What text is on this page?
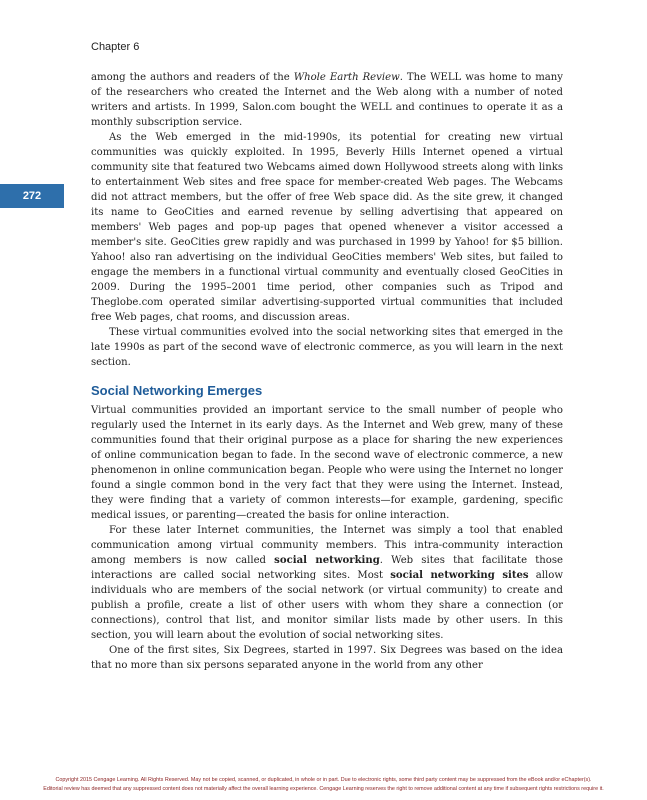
Chapter 6
272

among the authors and readers of the Whole Earth Review. The WELL was home to many of the researchers who created the Internet and the Web along with a number of noted writers and artists. In 1999, Salon.com bought the WELL and continues to operate it as a monthly subscription service.

As the Web emerged in the mid-1990s, its potential for creating new virtual communities was quickly exploited. In 1995, Beverly Hills Internet opened a virtual community site that featured two Webcams aimed down Hollywood streets along with links to entertainment Web sites and free space for member-created Web pages. The Webcams did not attract members, but the offer of free Web space did. As the site grew, it changed its name to GeoCities and earned revenue by selling advertising that appeared on members' Web pages and pop-up pages that opened whenever a visitor accessed a member's site. GeoCities grew rapidly and was purchased in 1999 by Yahoo! for $5 billion. Yahoo! also ran advertising on the individual GeoCities members' Web sites, but failed to engage the members in a functional virtual community and eventually closed GeoCities in 2009. During the 1995–2001 time period, other companies such as Tripod and Theglobe.com operated similar advertising-supported virtual communities that included free Web pages, chat rooms, and discussion areas.

These virtual communities evolved into the social networking sites that emerged in the late 1990s as part of the second wave of electronic commerce, as you will learn in the next section.

Social Networking Emerges

Virtual communities provided an important service to the small number of people who regularly used the Internet in its early days. As the Internet and Web grew, many of these communities found that their original purpose as a place for sharing the new experiences of online communication began to fade. In the second wave of electronic commerce, a new phenomenon in online communication began. People who were using the Internet no longer found a single common bond in the very fact that they were using the Internet. Instead, they were finding that a variety of common interests—for example, gardening, specific medical issues, or parenting—created the basis for online interaction.

For these later Internet communities, the Internet was simply a tool that enabled communication among virtual community members. This intra-community interaction among members is now called social networking. Web sites that facilitate those interactions are called social networking sites. Most social networking sites allow individuals who are members of the social network (or virtual community) to create and publish a profile, create a list of other users with whom they share a connection (or connections), control that list, and monitor similar lists made by other users. In this section, you will learn about the evolution of social networking sites.

One of the first sites, Six Degrees, started in 1997. Six Degrees was based on the idea that no more than six persons separated anyone in the world from any other

Copyright 2015 Cengage Learning. All Rights Reserved. May not be copied, scanned, or duplicated, in whole or in part. Due to electronic rights, some third party content may be suppressed from the eBook and/or eChapter(s).
Editorial review has deemed that any suppressed content does not materially affect the overall learning experience. Cengage Learning reserves the right to remove additional content at any time if subsequent rights restrictions require it.
